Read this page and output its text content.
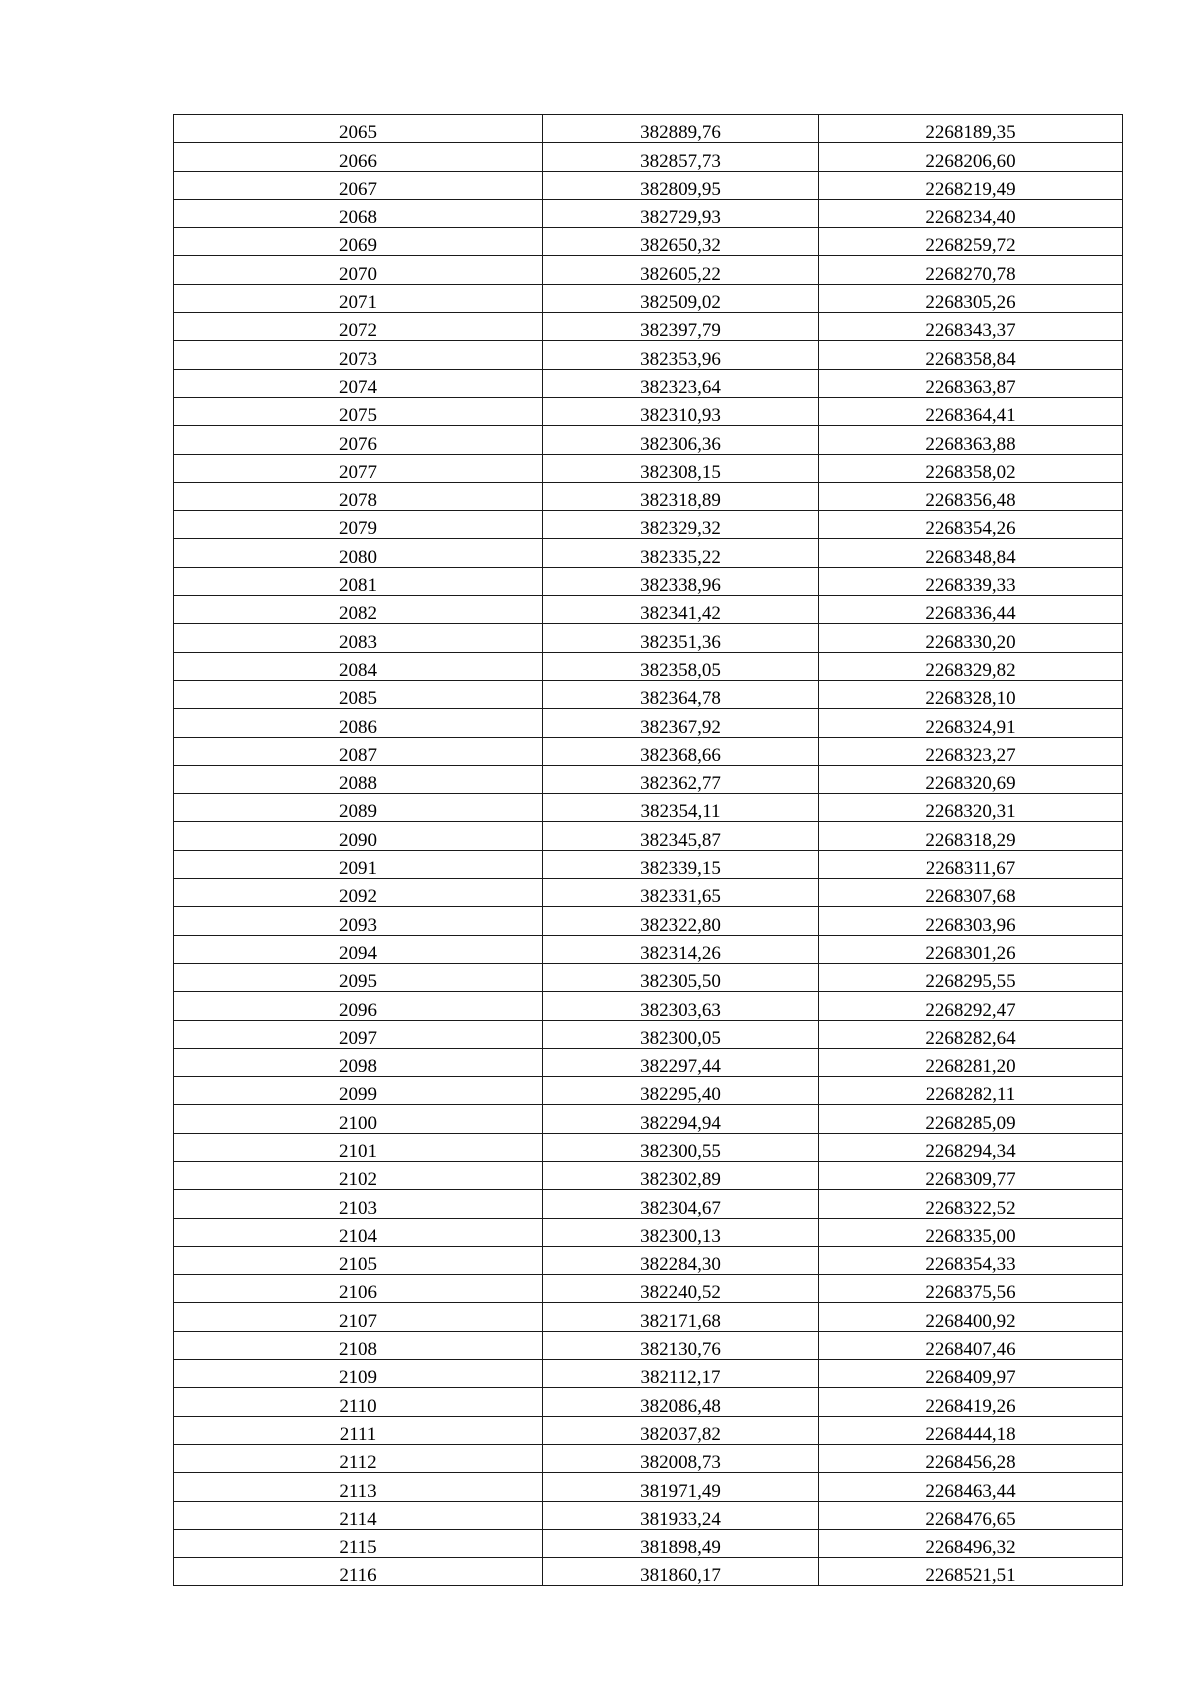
2065	382889,76	2268189,35
2066	382857,73	2268206,60
2067	382809,95	2268219,49
2068	382729,93	2268234,40
2069	382650,32	2268259,72
2070	382605,22	2268270,78
2071	382509,02	2268305,26
2072	382397,79	2268343,37
2073	382353,96	2268358,84
2074	382323,64	2268363,87
2075	382310,93	2268364,41
2076	382306,36	2268363,88
2077	382308,15	2268358,02
2078	382318,89	2268356,48
2079	382329,32	2268354,26
2080	382335,22	2268348,84
2081	382338,96	2268339,33
2082	382341,42	2268336,44
2083	382351,36	2268330,20
2084	382358,05	2268329,82
2085	382364,78	2268328,10
2086	382367,92	2268324,91
2087	382368,66	2268323,27
2088	382362,77	2268320,69
2089	382354,11	2268320,31
2090	382345,87	2268318,29
2091	382339,15	2268311,67
2092	382331,65	2268307,68
2093	382322,80	2268303,96
2094	382314,26	2268301,26
2095	382305,50	2268295,55
2096	382303,63	2268292,47
2097	382300,05	2268282,64
2098	382297,44	2268281,20
2099	382295,40	2268282,11
2100	382294,94	2268285,09
2101	382300,55	2268294,34
2102	382302,89	2268309,77
2103	382304,67	2268322,52
2104	382300,13	2268335,00
2105	382284,30	2268354,33
2106	382240,52	2268375,56
2107	382171,68	2268400,92
2108	382130,76	2268407,46
2109	382112,17	2268409,97
2110	382086,48	2268419,26
2111	382037,82	2268444,18
2112	382008,73	2268456,28
2113	381971,49	2268463,44
2114	381933,24	2268476,65
2115	381898,49	2268496,32
2116	381860,17	2268521,51
